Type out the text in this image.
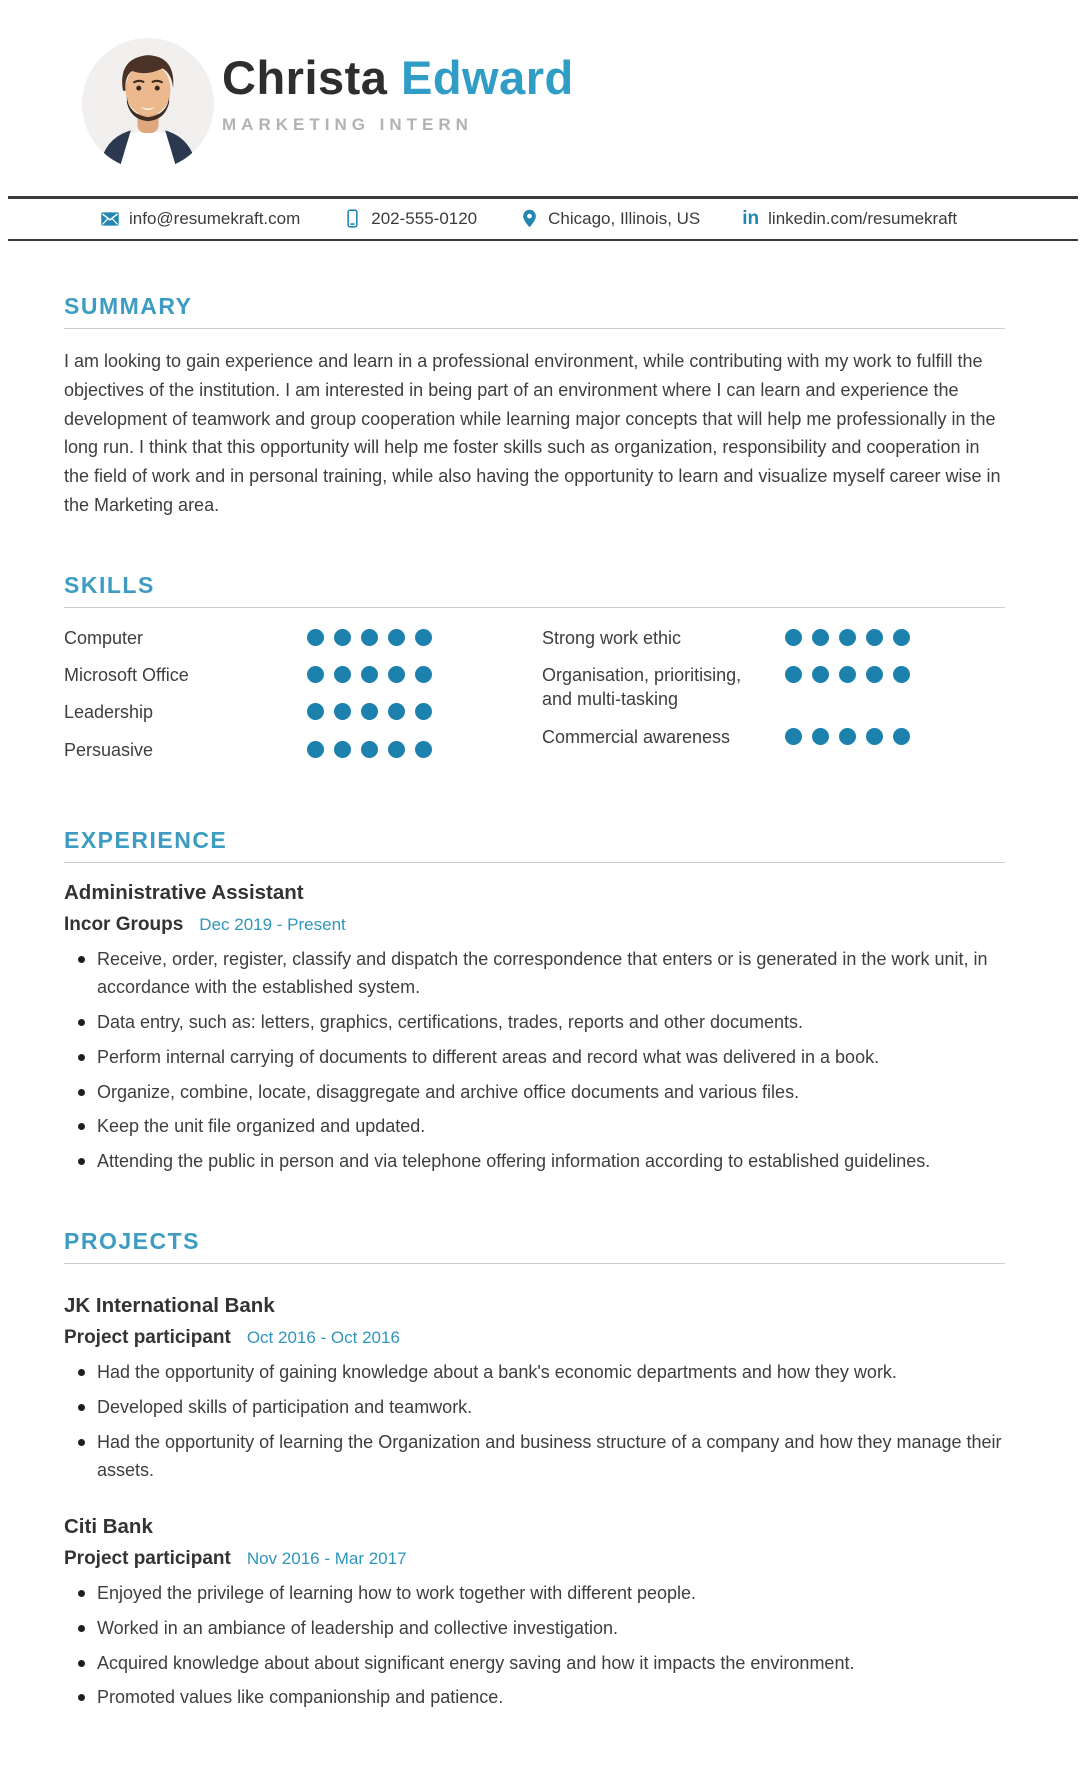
Christa Edward
MARKETING INTERN
info@resumekraft.com	202-555-0120	Chicago, Illinois, US in linkedin.com/resumekraft
SUMMARY

I am looking to gain experience and learn in a professional environment, while contributing with my work to fulfill the objectives of the institution. I am interested in being part of an environment where I can learn and experience the development of teamwork and group cooperation while learning major concepts that will help me professionally in the long run. I think that this opportunity will help me foster skills such as organization, responsibility and cooperation in the field of work and in personal training, while also having the opportunity to learn and visualize myself career wise in the Marketing area.

SKILLS
Computer
Microsoft Office
Leadership
Persuasive
Strong work ethic
Organisation, prioritising, and multi-tasking
Commercial awareness
EXPERIENCE
Administrative Assistant
Incor Groups Dec 2019 - Present
Receive, order, register, classify and dispatch the correspondence that enters or is generated in the work unit, in accordance with the established system.
Data entry, such as: letters, graphics, certifications, trades, reports and other documents.
Perform internal carrying of documents to different areas and record what was delivered in a book.
Organize, combine, locate, disaggregate and archive office documents and various files.
Keep the unit file organized and updated.
Attending the public in person and via telephone offering information according to established guidelines.
PROJECTS
JK International Bank
Project participant Oct 2016 - Oct 2016
Had the opportunity of gaining knowledge about a bank's economic departments and how they work.
Developed skills of participation and teamwork.
Had the opportunity of learning the Organization and business structure of a company and how they manage their assets.
Citi Bank
Project participant Nov 2016 - Mar 2017
Enjoyed the privilege of learning how to work together with different people.
Worked in an ambiance of leadership and collective investigation.
Acquired knowledge about about significant energy saving and how it impacts the environment.
Promoted values like companionship and patience.
